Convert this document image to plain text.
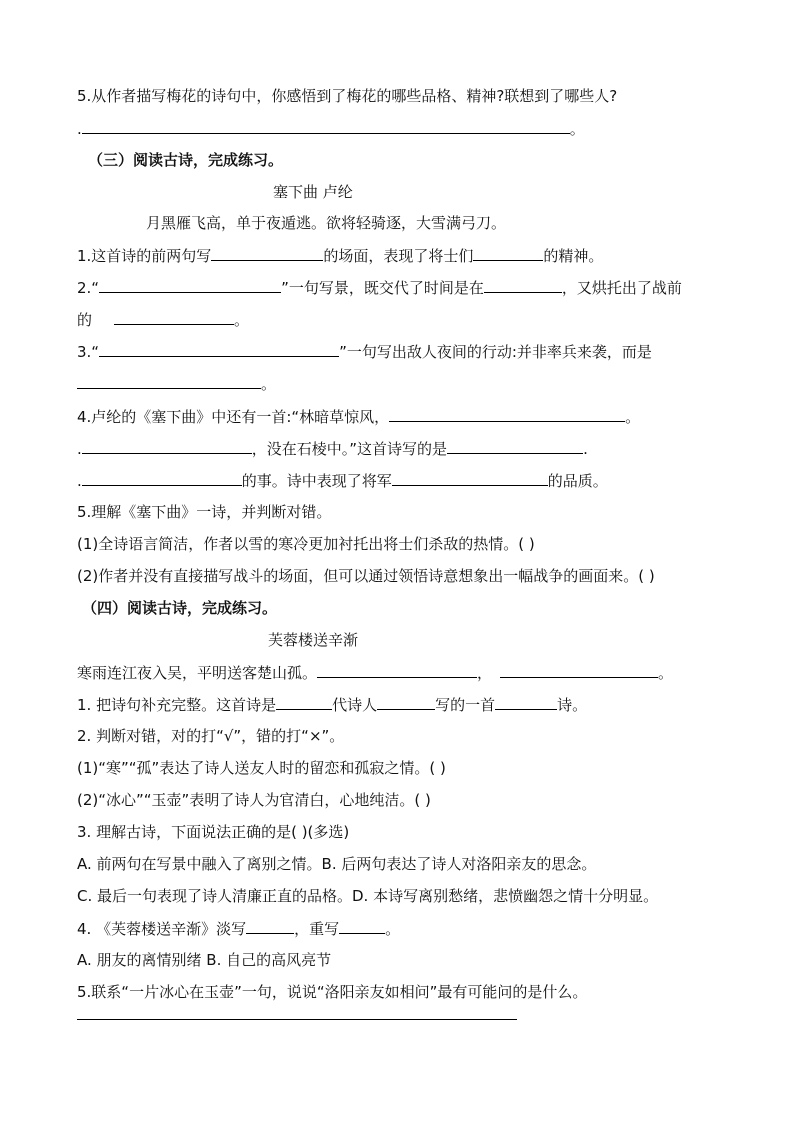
5.从作者描写梅花的诗句中，你感悟到了梅花的哪些品格、精神?联想到了哪些人?
.	。
（三）阅读古诗，完成练习。
塞下曲 卢纶
月黑雁飞高，单于夜遁逃。欲将轻骑逐，大雪满弓刀。
1.这首诗的前两句写	的场面，表现了将士们	的精神。
2.“	”一句写景，既交代了时间是在	，又烘托出了战前
的	。
3.“	”一句写出敌人夜间的行动:并非率兵来袭，而是
。
4.卢纶的《塞下曲》中还有一首:“林暗草惊风，	。
.	，没在石棱中。”这首诗写的是	.
.	的事。诗中表现了将军	的品质。
5.理解《塞下曲》一诗，并判断对错。
(1)全诗语言简洁，作者以雪的寒冷更加衬托出将士们杀敌的热情。( )
(2)作者并没有直接描写战斗的场面，但可以通过领悟诗意想象出一幅战争的画面来。( )
（四）阅读古诗，完成练习。
芙蓉楼送辛渐
寒雨连江夜入吴，平明送客楚山孤。	，	。
1. 把诗句补充完整。这首诗是	代诗人	写的一首	诗。
2. 判断对错，对的打“√”，错的打“×”。
(1)“寒”“孤”表达了诗人送友人时的留恋和孤寂之情。( )
(2)“冰心”“玉壶”表明了诗人为官清白，心地纯洁。( )
3. 理解古诗，下面说法正确的是( )(多选)
A. 前两句在写景中融入了离别之情。B. 后两句表达了诗人对洛阳亲友的思念。
C. 最后一句表现了诗人清廉正直的品格。D. 本诗写离别愁绪，悲愤幽怨之情十分明显。
4. 《芙蓉楼送辛渐》淡写	，重写	。
A. 朋友的离情别绪 B. 自己的高风亮节
5.联系“一片冰心在玉壶”一句，说说“洛阳亲友如相问”最有可能问的是什么。
